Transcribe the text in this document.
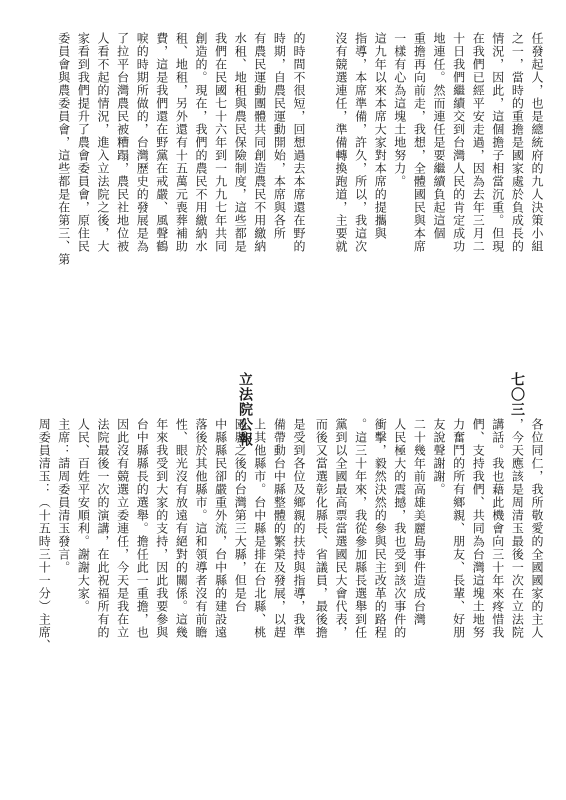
七〇三
立法院公報
任發起人，也是總統府的九人決策小組
之一，當時的重擔是國家處於負成長的
情況，因此，這個擔子相當沉重。但現
在我們已經平安走過，因為去年三月二
十日我們繼續交到台灣人民的肯定成功
地連任。然而連任是要繼續負起這個
重擔再向前走，我想，全體國民與本席
一樣有心為這塊土地努力。
這九年以來本席大家對本席的提攜與
指導，本席準備，許久，所以，我這次
沒有競選連任，準備轉換跑道，主要就
的時間不很短，回想過去本席還在野的
時期，自農民運動開始，本席與各所
有農民運動團體共同創造農民不用繳納
水租、地租與農民保險制度，這些都是
我們在民國七十六年到一九九七年共同
創造的。現在，我們的農民不用繳納水
租、地租，另外還有十五萬元喪葬補助
費，這是我們還在野黨在戒嚴、風聲鶴
唳的時期所做的，台灣歷史的發展是為
了拉平台灣農民被糟蹋，農民社地位被
人看不起的情況，進入立法院之後，大
家看到我們提升了農會委員會，原住民
委員會與農委員會，這些都是在第三、第
各位同仁，我所敬愛的全國國家的主人
，今天應該是周清玉最後一次在立法院
講話。我也藉此機會向三十年來疼惜我
們、支持我們、共同為台灣這塊土地努
力奮鬥的所有鄉親、朋友、長輩、好朋
友說聲謝謝。
二十幾年前高雄美麗島事件造成台灣
人民極大的震撼，我也受到該次事件的
衝擊，毅然決然的參與民主改革的路程
。這三十年來，我從參加縣長選舉到任
黨到以全國最高票當選國民大會代表，
而後又當選彰化縣長、省議員，最後擔
是受到各位及鄉親的扶持與指導，我準
備帶動台中縣整體的繁榮及發展，以趕
上其他縣市。台中縣是排在台北縣、桃
園縣之後的台灣第三大縣，但是台
中縣縣民卻嚴重外流，台中縣的建設遠
落後於其他縣市。這和領導者沒有前瞻
性、眼光沒有放遠有絕對的關係。這幾
年來我受到大家的支持，因此我要參與
台中縣縣長的選舉。擔任此一重擔，也
因此沒有競選立委連任，今天是我在立
法院最後一次的演講，在此祝福所有的
人民、百姓平安順利。謝謝大家。
主席：請周委員清玉發言。
周委員清玉：（十五時三十一分）主席、
